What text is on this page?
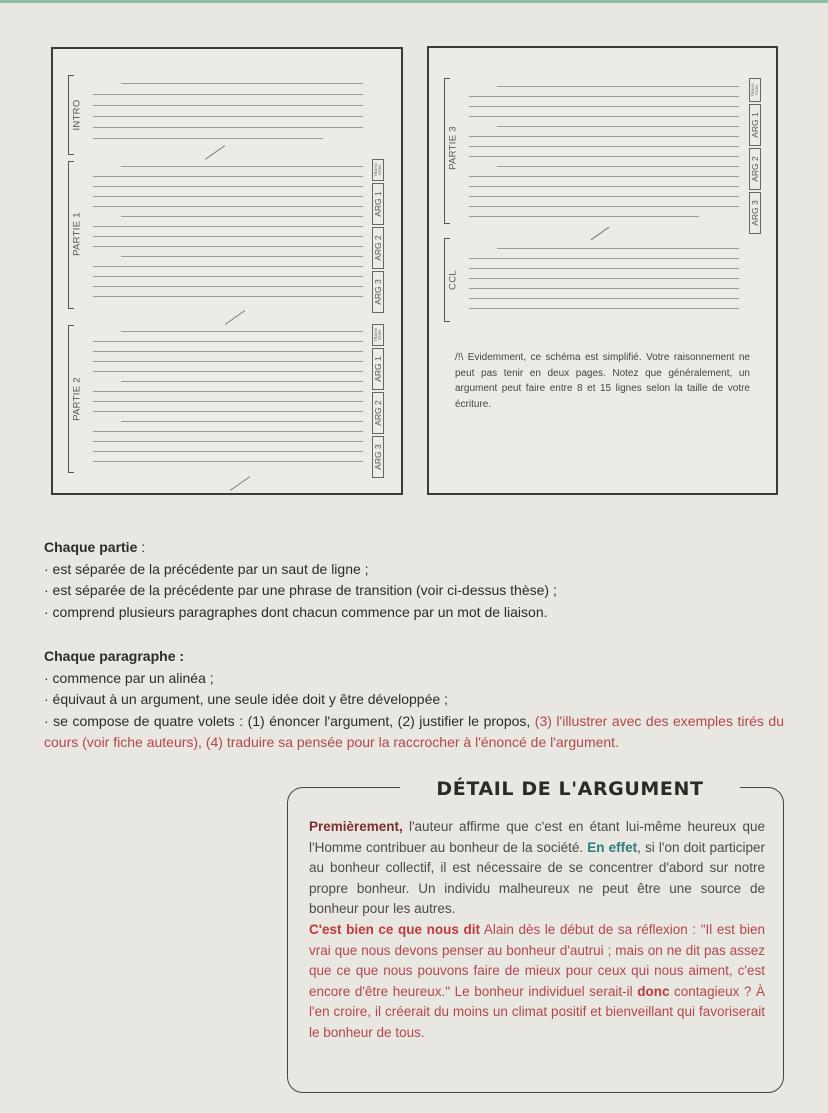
INTRO
PARTIE 1
TRANS
ITION
ARG 1
ARG 2
ARG 3
PARTIE 2
TRANS
ITION
ARG 1
ARG 2
ARG 3
PARTIE 3
TRANS
ITION
ARG 1
ARG 2
ARG 3
CCL
/!\ Evidemment, ce schéma est simplifié. Votre raisonnement ne peut pas tenir en deux pages. Notez que généralement, un argument peut faire entre 8 et 15 lignes selon la taille de votre écriture.
Chaque partie :
· est séparée de la précédente par un saut de ligne ;
· est séparée de la précédente par une phrase de transition (voir ci-dessus thèse) ;
· comprend plusieurs paragraphes dont chacun commence par un mot de liaison.
Chaque paragraphe :
· commence par un alinéa ;
· équivaut à un argument, une seule idée doit y être développée ;
· se compose de quatre volets : (1) énoncer l'argument, (2) justifier le propos, (3) l'illustrer avec des exemples tirés du cours (voir fiche auteurs), (4) traduire sa pensée pour la raccrocher à l'énoncé de l'argument.
DÉTAIL DE L'ARGUMENT
Premièrement, l'auteur affirme que c'est en étant lui-même heureux que l'Homme contribuer au bonheur de la société. En effet, si l'on doit participer au bonheur collectif, il est nécessaire de se concentrer d'abord sur notre propre bonheur. Un individu malheureux ne peut être une source de bonheur pour les autres.
C'est bien ce que nous dit Alain dès le début de sa réflexion : "Il est bien vrai que nous devons penser au bonheur d'autrui ; mais on ne dit pas assez que ce que nous pouvons faire de mieux pour ceux qui nous aiment, c'est encore d'être heureux." Le bonheur individuel serait-il donc contagieux ? À l'en croire, il créerait du moins un climat positif et bienveillant qui favoriserait le bonheur de tous.
